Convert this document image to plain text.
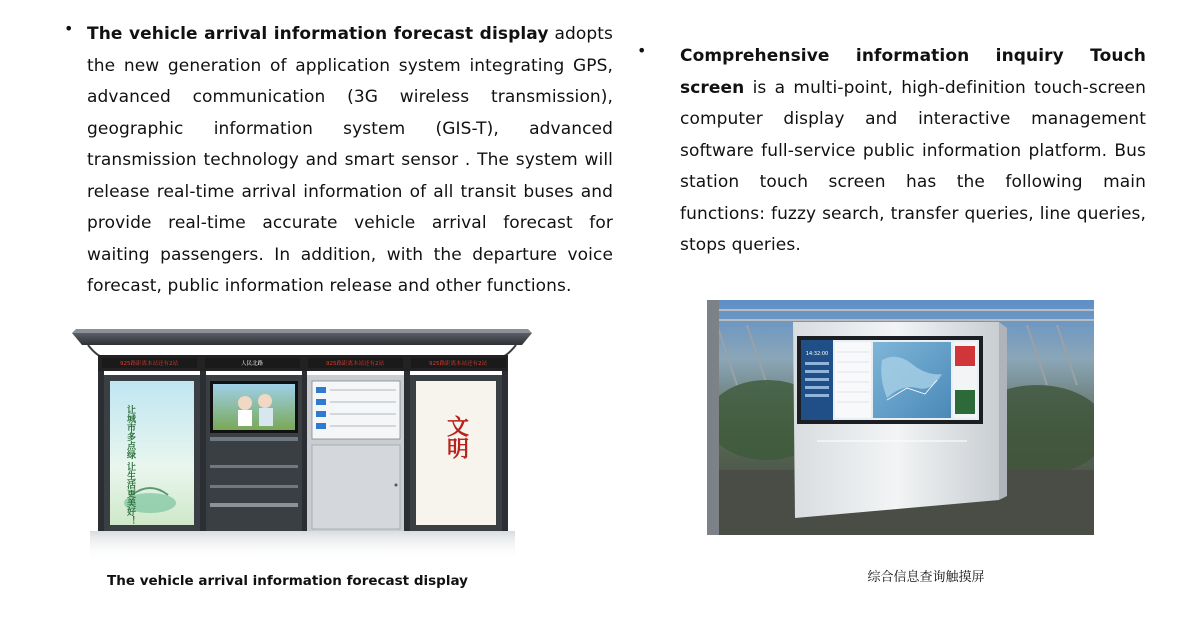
• The vehicle arrival information forecast display adopts the new generation of application system integrating GPS, advanced communication (3G wireless transmission), geographic information system (GIS-T), advanced transmission technology and smart sensor . The system will release real-time arrival information of all transit buses and provide real-time accurate vehicle arrival forecast for waiting passengers. In addition, with the departure voice forecast, public information release and other functions.

• Comprehensive information inquiry Touch screen is a multi-point, high-definition touch-screen computer display and interactive management software full-service public information platform. Bus station touch screen has the following main functions: fuzzy search, transfer queries, line queries, stops queries.

925路距离本站还有2站	人民北路	925路距离本站还有2站	925路距离本站还有2站
让城市多点绿 让生活更美好！	文明
The vehicle arrival information forecast display
14:32:00
综合信息查询触摸屏
